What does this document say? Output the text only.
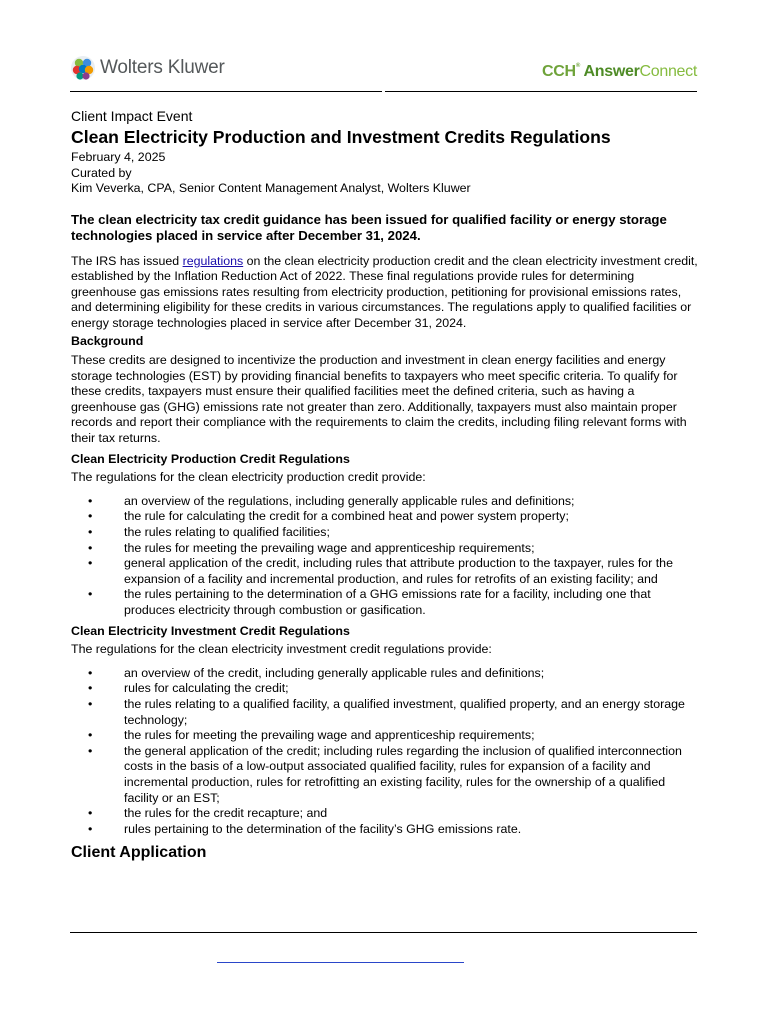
Wolters Kluwer	CCH® AnswerConnect

Client Impact Event

Clean Electricity Production and Investment Credits Regulations

February 4, 2025

Curated by

Kim Veverka, CPA, Senior Content Management Analyst, Wolters Kluwer

The clean electricity tax credit guidance has been issued for qualified facility or energy storage technologies placed in service after December 31, 2024.

The IRS has issued regulations on the clean electricity production credit and the clean electricity investment credit, established by the Inflation Reduction Act of 2022. These final regulations provide rules for determining greenhouse gas emissions rates resulting from electricity production, petitioning for provisional emissions rates, and determining eligibility for these credits in various circumstances. The regulations apply to qualified facilities or energy storage technologies placed in service after December 31, 2024.

Background

These credits are designed to incentivize the production and investment in clean energy facilities and energy storage technologies (EST) by providing financial benefits to taxpayers who meet specific criteria. To qualify for these credits, taxpayers must ensure their qualified facilities meet the defined criteria, such as having a greenhouse gas (GHG) emissions rate not greater than zero. Additionally, taxpayers must also maintain proper records and report their compliance with the requirements to claim the credits, including filing relevant forms with their tax returns.

Clean Electricity Production Credit Regulations

The regulations for the clean electricity production credit provide:

• an overview of the regulations, including generally applicable rules and definitions;
• the rule for calculating the credit for a combined heat and power system property;
• the rules relating to qualified facilities;
• the rules for meeting the prevailing wage and apprenticeship requirements;
• general application of the credit, including rules that attribute production to the taxpayer, rules for the expansion of a facility and incremental production, and rules for retrofits of an existing facility; and
• the rules pertaining to the determination of a GHG emissions rate for a facility, including one that produces electricity through combustion or gasification.

Clean Electricity Investment Credit Regulations

The regulations for the clean electricity investment credit regulations provide:

• an overview of the credit, including generally applicable rules and definitions;
• rules for calculating the credit;
• the rules relating to a qualified facility, a qualified investment, qualified property, and an energy storage technology;
• the rules for meeting the prevailing wage and apprenticeship requirements;
• the general application of the credit; including rules regarding the inclusion of qualified interconnection costs in the basis of a low-output associated qualified facility, rules for expansion of a facility and incremental production, rules for retrofitting an existing facility, rules for the ownership of a qualified facility or an EST;
• the rules for the credit recapture; and
• rules pertaining to the determination of the facility’s GHG emissions rate.
Client Application
